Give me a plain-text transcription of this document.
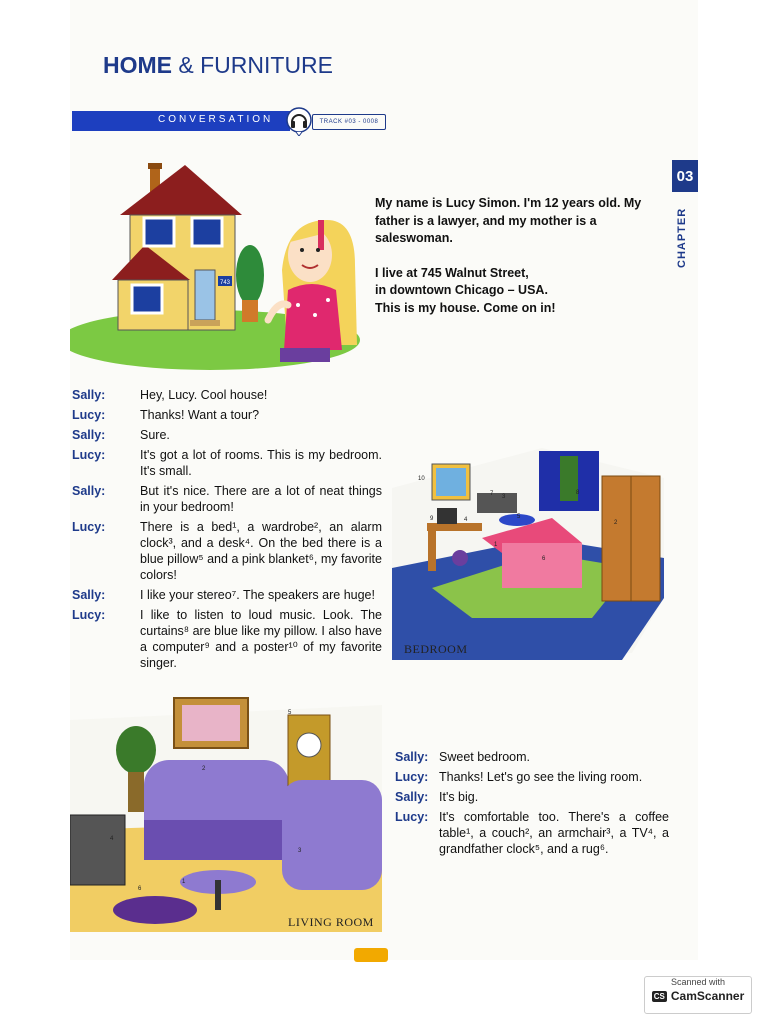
HOME & FURNITURE
CONVERSATION	TRACK #03 - 0008
03
CHAPTER
743

My name is Lucy Simon. I'm 12 years old. My father is a lawyer, and my mother is a saleswoman.

I live at 745 Walnut Street,
in downtown Chicago – USA.
This is my house. Come on in!

Sally:	Hey, Lucy. Cool house!
Lucy:	Thanks! Want a tour?
Sally:	Sure.
Lucy:	It's got a lot of rooms. This is my bedroom. It's small.
Sally:	But it's nice. There are a lot of neat things in your bedroom!
Lucy:	There is a bed¹, a wardrobe², an alarm clock³, and a desk⁴. On the bed there is a blue pillow⁵ and a pink blanket⁶, my favorite colors!
Sally:	I like your stereo⁷. The speakers are huge!
Lucy:	I like to listen to loud music. Look. The curtains⁸ are blue like my pillow. I also have a computer⁹ and a poster¹⁰ of my favorite singer.
BEDROOM
1
2
3
4	5
6
7	8
9
10
LIVING ROOM
1
2
3
4
5
6
Sally: Sweet bedroom.
Lucy: Thanks! Let's go see the living room.
Sally: It's big.
Lucy: It's comfortable too. There's a coffee table¹, a couch², an armchair³, a TV⁴, a grandfather clock⁵, and a rug⁶.
Scanned with
CS CamScanner
